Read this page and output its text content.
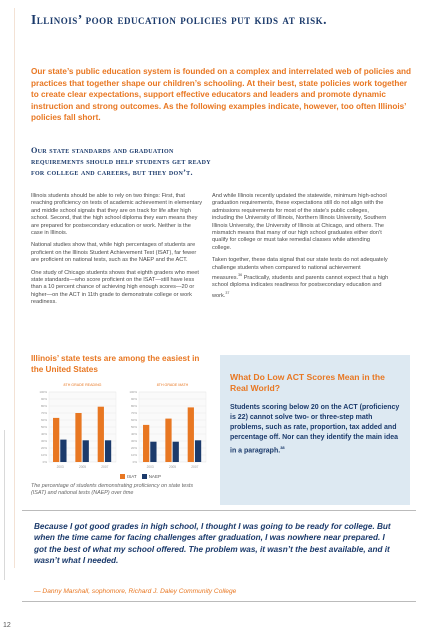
Illinois’ poor education policies put kids at risk.

Our state’s public education system is founded on a complex and interrelated web of policies and practices that together shape our children’s schooling. At their best, state policies work together to create clear expectations, support effective educators and leaders and promote dynamic instruction and strong outcomes. As the following examples indicate, however, too often Illinois’ policies fall short.

Our state standards and graduation requirements should help students get ready for college and careers, but they don’t.

Illinois students should be able to rely on two things: First, that reaching proficiency on tests of academic achievement in elementary and middle school signals that they are on track for life after high school. Second, that the high school diploma they earn means they are prepared for postsecondary education or work. Neither is the case in Illinois.

National studies show that, while high percentages of students are proficient on the Illinois Student Achievement Test (ISAT), far fewer are proficient on national tests, such as the NAEP and the ACT.

One study of Chicago students shows that eighth graders who meet state standards—who score proficient on the ISAT—still have less than a 10 percent chance of achieving high enough scores—20 or higher—on the ACT in 11th grade to demonstrate college or work readiness.

And while Illinois recently updated the statewide, minimum high-school graduation requirements, these expectations still do not align with the admissions requirements for most of the state’s public colleges, including the University of Illinois, Northern Illinois University, Southern Illinois University, the University of Illinois at Chicago, and others. The mismatch means that many of our high school graduates either don’t qualify for college or must take remedial classes while attending college.

Taken together, these data signal that our state tests do not adequately challenge students when compared to national achievement measures.$^{36}$ Practically, students and parents cannot expect that a high school diploma indicates readiness for postsecondary education and work.$^{37}$

Illinois’ state tests are among the easiest in the United States
8TH GRADE READING
100%
90%
80%
70%
60%
50%
40%
30%
20%
10%
0%
2003	2005	2007
8TH GRADE MATH
100%
90%
80%
70%
60%
50%
40%
30%
20%
10%
0%
2003	2005	2007
ISAT	NAEP

The percentage of students demonstrating proficiency on state tests (ISAT) and national tests (NAEP) over time

What Do Low ACT Scores Mean in the Real World?

Students scoring below 20 on the ACT (proficiency is 22) cannot solve two- or three-step math problems, such as rate, proportion, tax added and percentage off. Nor can they identify the main idea in a paragraph.$^{38}$

Because I got good grades in high school, I thought I was going to be ready for college. But when the time came for facing challenges after graduation, I was nowhere near prepared. I got the best of what my school offered. The problem was, it wasn’t the best available, and it wasn’t what I needed.

— Danny Marshall, sophomore, Richard J. Daley Community College

12
